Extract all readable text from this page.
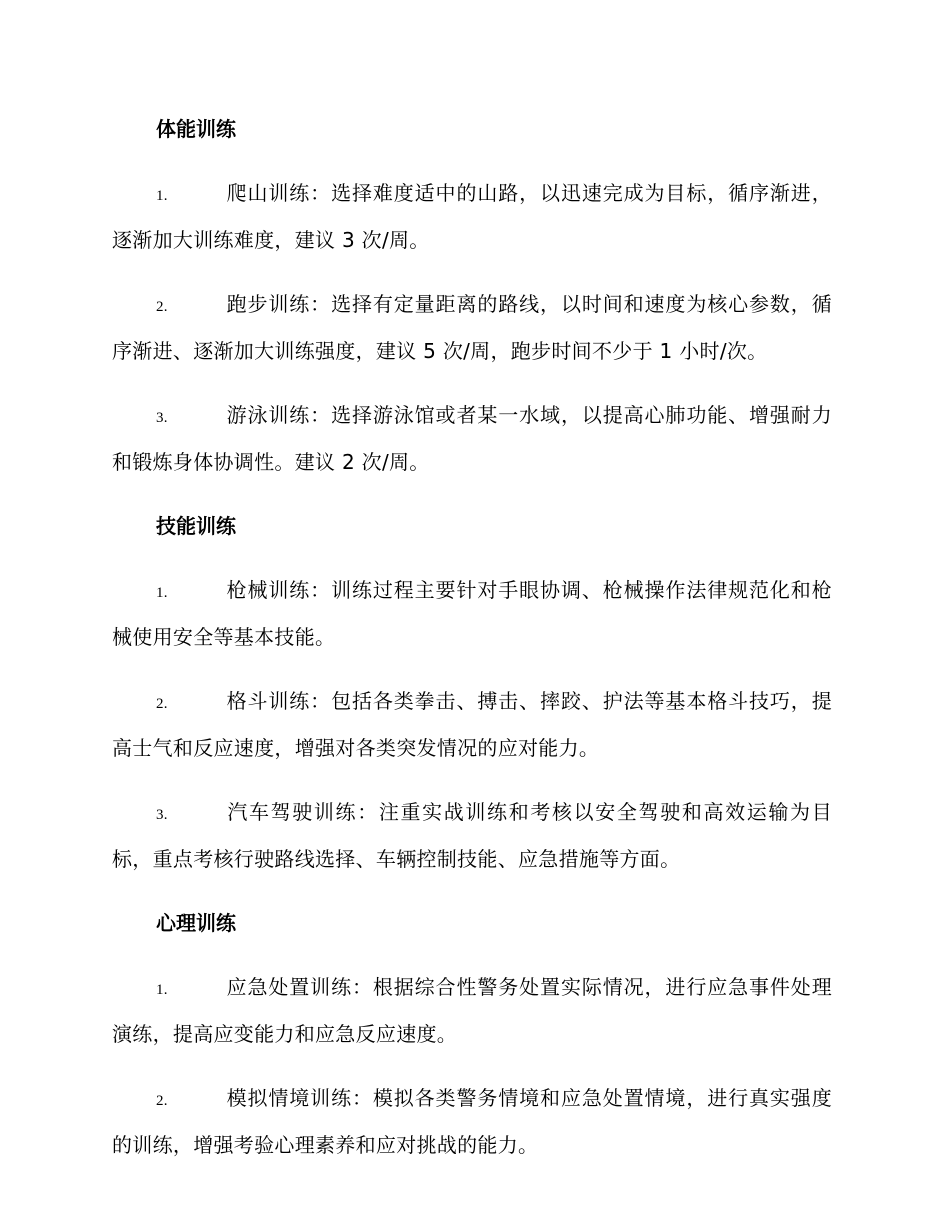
体能训练

1.	爬山训练：选择难度适中的山路，以迅速完成为目标，循序渐进，逐渐加大训练难度，建议 3 次/周。

2.	跑步训练：选择有定量距离的路线，以时间和速度为核心参数，循序渐进、逐渐加大训练强度，建议 5 次/周，跑步时间不少于 1 小时/次。

3.	游泳训练：选择游泳馆或者某一水域，以提高心肺功能、增强耐力和锻炼身体协调性。建议 2 次/周。

技能训练

1.	枪械训练：训练过程主要针对手眼协调、枪械操作法律规范化和枪械使用安全等基本技能。

2.	格斗训练：包括各类拳击、搏击、摔跤、护法等基本格斗技巧，提高士气和反应速度，增强对各类突发情况的应对能力。

3.	汽车驾驶训练：注重实战训练和考核以安全驾驶和高效运输为目标，重点考核行驶路线选择、车辆控制技能、应急措施等方面。

心理训练

1.	应急处置训练：根据综合性警务处置实际情况，进行应急事件处理演练，提高应变能力和应急反应速度。

2.	模拟情境训练：模拟各类警务情境和应急处置情境，进行真实强度的训练，增强考验心理素养和应对挑战的能力。
